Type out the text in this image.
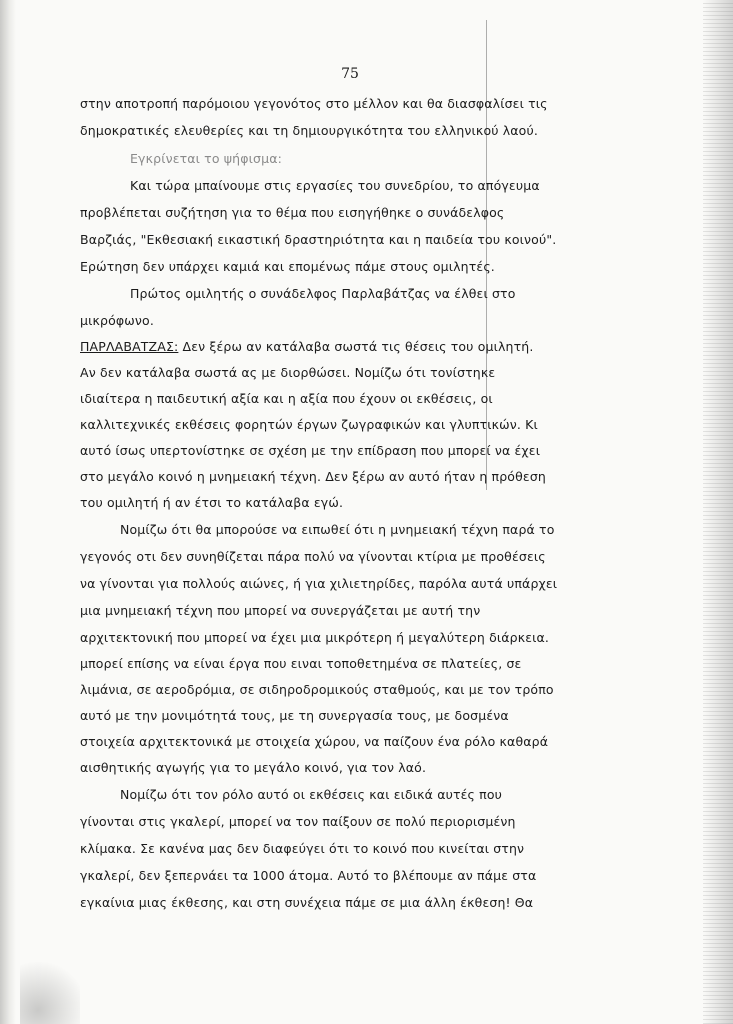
75
στην αποτροπή παρόμοιου γεγονότος στο μέλλον και θα διασφαλίσει τις
δημοκρατικές ελευθερίες και τη δημιουργικότητα του ελληνικού λαού.
Εγκρίνεται το ψήφισμα:
Και τώρα μπαίνουμε στις εργασίες του συνεδρίου, το απόγευμα
προβλέπεται συζήτηση για το θέμα που εισηγήθηκε ο συνάδελφος
Βαρζιάς, "Εκθεσιακή εικαστική δραστηριότητα και η παιδεία του κοινού".
Ερώτηση δεν υπάρχει καμιά και επομένως πάμε στους ομιλητές.
Πρώτος ομιλητής ο συνάδελφος Παρλαβάτζας να έλθει στο
μικρόφωνο.
ΠΑΡΛΑΒΑΤΖΑΣ: Δεν ξέρω αν κατάλαβα σωστά τις θέσεις του ομιλητή.
Αν δεν κατάλαβα σωστά ας με διορθώσει. Νομίζω ότι τονίστηκε
ιδιαίτερα η παιδευτική αξία και η αξία που έχουν οι εκθέσεις, οι
καλλιτεχνικές εκθέσεις φορητών έργων ζωγραφικών και γλυπτικών. Κι
αυτό ίσως υπερτονίστηκε σε σχέση με την επίδραση που μπορεί να έχει
στο μεγάλο κοινό η μνημειακή τέχνη. Δεν ξέρω αν αυτό ήταν η πρόθεση
του ομιλητή ή αν έτσι το κατάλαβα εγώ.
Νομίζω ότι θα μπορούσε να ειπωθεί ότι η μνημειακή τέχνη παρά το
γεγονός οτι δεν συνηθίζεται πάρα πολύ να γίνονται κτίρια με προθέσεις
να γίνονται για πολλούς αιώνες, ή για χιλιετηρίδες, παρόλα αυτά υπάρχει
μια μνημειακή τέχνη που μπορεί να συνεργάζεται με αυτή την
αρχιτεκτονική που μπορεί να έχει μια μικρότερη ή μεγαλύτερη διάρκεια.
μπορεί επίσης να είναι έργα που ειναι τοποθετημένα σε πλατείες, σε
λιμάνια, σε αεροδρόμια, σε σιδηροδρομικούς σταθμούς, και με τον τρόπο
αυτό με την μονιμότητά τους, με τη συνεργασία τους, με δοσμένα
στοιχεία αρχιτεκτονικά με στοιχεία χώρου, να παίζουν ένα ρόλο καθαρά
αισθητικής αγωγής για το μεγάλο κοινό, για τον λαό.
Νομίζω ότι τον ρόλο αυτό οι εκθέσεις και ειδικά αυτές που
γίνονται στις γκαλερί, μπορεί να τον παίξουν σε πολύ περιορισμένη
κλίμακα. Σε κανένα μας δεν διαφεύγει ότι το κοινό που κινείται στην
γκαλερί, δεν ξεπερνάει τα 1000 άτομα. Αυτό το βλέπουμε αν πάμε στα
εγκαίνια μιας έκθεσης, και στη συνέχεια πάμε σε μια άλλη έκθεση! Θα
